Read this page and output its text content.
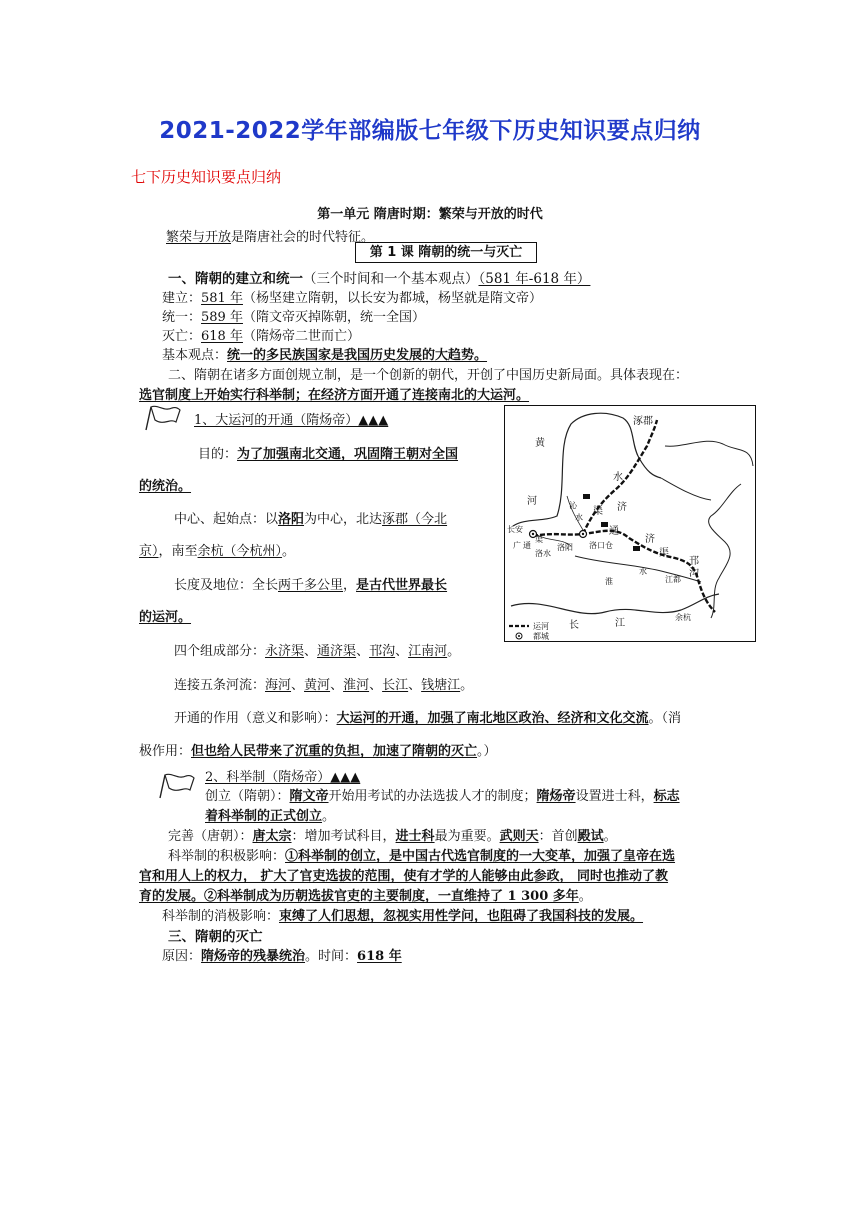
2021-2022学年部编版七年级下历史知识要点归纳
七下历史知识要点归纳
第一单元 隋唐时期：繁荣与开放的时代
繁荣与开放是隋唐社会的时代特征。
第 1 课 隋朝的统一与灭亡
一、隋朝的建立和统一（三个时间和一个基本观点）（581 年-618 年）
建立：581 年（杨坚建立隋朝，以长安为都城，杨坚就是隋文帝）
统一：589 年（隋文帝灭掉陈朝，统一全国）
灭亡：618 年（隋炀帝二世而亡）
基本观点：统一的多民族国家是我国历史发展的大趋势。
二、隋朝在诸多方面创规立制，是一个创新的朝代，开创了中国历史新局面。具体表现在：
选官制度上开始实行科举制；在经济方面开通了连接南北的大运河。
1、大运河的开通（隋炀帝）▲▲▲
目的：为了加强南北交通，巩固隋王朝对全国
的统治。
中心、起始点：以洛阳为中心，北达涿郡（今北
京），南至余杭（今杭州）。
长度及地位：全长两千多公里，是古代世界最长
的运河。
四个组成部分：永济渠、通济渠、邗沟、江南河。
连接五条河流：海河、黄河、淮河、长江、钱塘江。
开通的作用（意义和影响）：大运河的开通，加强了南北地区政治、经济和文化交流。（消
极作用：但也给人民带来了沉重的负担，加速了隋朝的灭亡。）
涿郡
黄
河
水
济
沁
水
渠
长安
广 通
渠
洛水
洛阳 洛口仓
通
济
渠
淮
水
江都
邗
沟
长	江
余杭
运河
都城
2、科举制（隋炀帝）▲▲▲
创立（隋朝）：隋文帝开始用考试的办法选拔人才的制度；隋炀帝设置进士科，标志
着科举制的正式创立。
完善（唐朝）：唐太宗：增加考试科目，进士科最为重要。武则天：首创殿试。
科举制的积极影响：①科举制的创立，是中国古代选官制度的一大变革，加强了皇帝在选
官和用人上的权力， 扩大了官吏选拔的范围，使有才学的人能够由此参政， 同时也推动了教
育的发展。②科举制成为历朝选拔官吏的主要制度，一直维持了 1 300 多年。
科举制的消极影响：束缚了人们思想，忽视实用性学问，也阻碍了我国科技的发展。
三、隋朝的灭亡
原因：隋炀帝的残暴统治。时间：618 年
